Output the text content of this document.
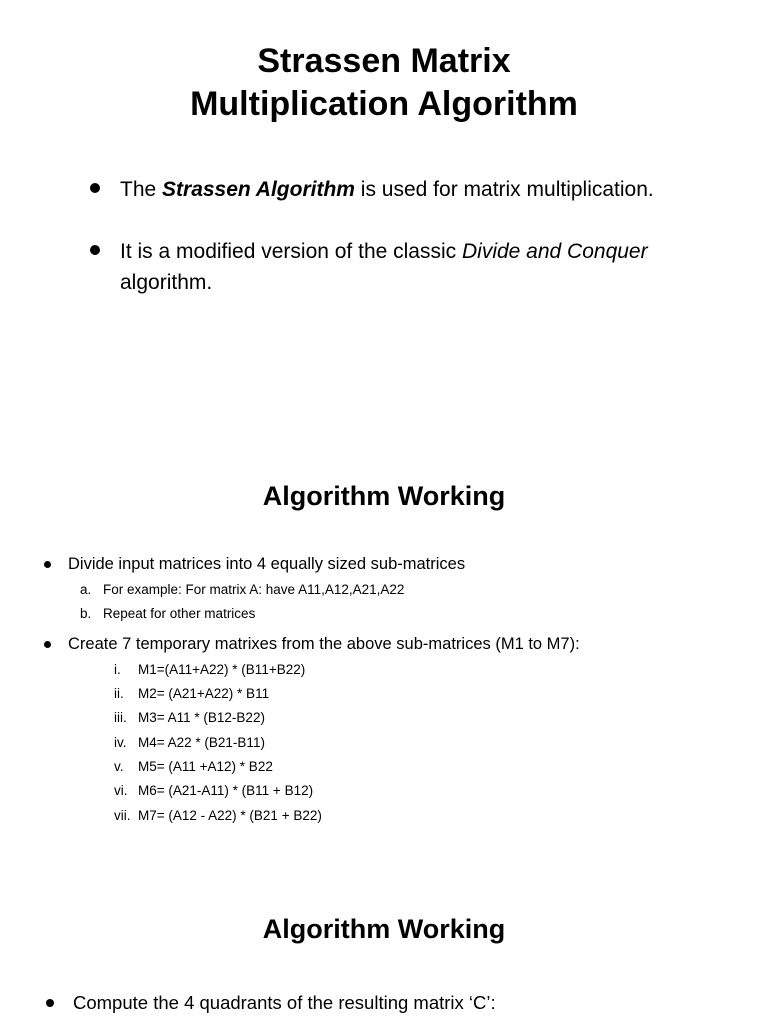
Strassen Matrix
Multiplication Algorithm
The Strassen Algorithm is used for matrix multiplication.
It is a modified version of the classic Divide and Conquer algorithm.
Algorithm Working
Divide input matrices into 4 equally sized sub-matrices
a. For example: For matrix A: have A11,A12,A21,A22
b. Repeat for other matrices
Create 7 temporary matrixes from the above sub-matrices (M1 to M7):
i. M1=(A11+A22) * (B11+B22)
ii. M2= (A21+A22) * B11
iii. M3= A11 * (B12-B22)
iv. M4= A22 * (B21-B11)
v. M5= (A11 +A12) * B22
vi. M6= (A21-A11) * (B11 + B12)
vii. M7= (A12 - A22) * (B21 + B22)
Algorithm Working
Compute the 4 quadrants of the resulting matrix ‘C’:
